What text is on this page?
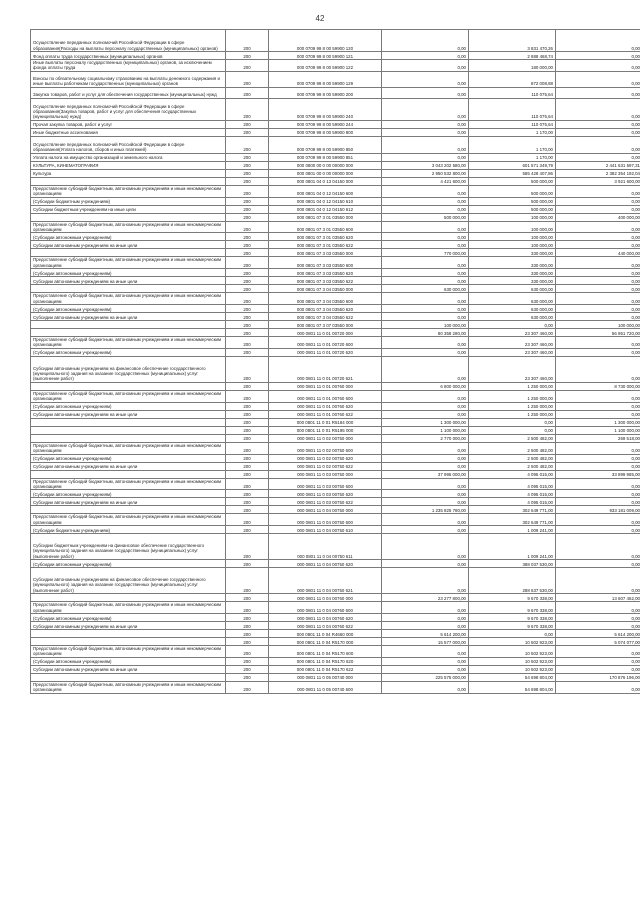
42
Осуществление переданных полномочий Российской Федерации в сфере образования(Расходы на выплаты персоналу государственных (муниципальных) органов)	200	000 0709 99 8 00 59900 120	0,00	3 831 470,26	0,00
Фонд оплаты труда государственных (муниципальных) органов	200	000 0709 99 8 00 59900 121	0,00	2 888 468,74	0,00
Иные выплаты персоналу государственных (муниципальных) органов, за исключением фонда оплаты труда	200	000 0709 99 8 00 59900 122	0,00	180 000,00	0,00
Взносы по обязательному социальному страхованию на выплаты денежного содержания и иные выплаты работникам государственных (муниципальных) органов	200	000 0709 99 8 00 59900 129	0,00	872 008,88	0,00
Закупка товаров, работ и услуг для обеспечения государственных (муниципальных) нужд	200	000 0709 99 8 00 59900 200	0,00	110 075,64	0,00
Осуществление переданных полномочий Российской Федерации в сфере образования(Закупка товаров, работ и услуг для обеспечения государственных (муниципальных) нужд)	200	000 0709 99 8 00 59900 240	0,00	110 075,64	0,00
Прочая закупка товаров, работ и услуг	200	000 0709 99 8 00 59900 244	0,00	110 075,64	0,00
Иные бюджетные ассигнования	200	000 0709 99 8 00 59900 800	0,00	1 170,00	0,00
Осуществление переданных полномочий Российской Федерации в сфере образования(Уплата налогов, сборов и иных платежей)	200	000 0709 99 8 00 59900 850	0,00	1 170,00	0,00
Уплата налога на имущество организаций и земельного налога	200	000 0709 99 8 00 59900 851	0,00	1 170,00	0,00
КУЛЬТУРА, КИНЕМАТОГРАФИЯ	200	000 0800 00 0 00 00000 000	3 043 202 580,00	601 571 349,79	2 441 631 597,31
Культура	200	000 0801 00 0 00 00000 000	2 950 532 800,00	585 428 407,86	2 382 354 192,04
	200	000 0801 04 0 13 04150 000	4 421 600,00	500 000,00	3 921 600,00
Предоставление субсидий бюджетным, автономным учреждениям и иным некоммерческим организациям	200	000 0801 04 0 12 04150 600	0,00	500 000,00	0,00
(Субсидии бюджетным учреждениям)	200	000 0801 04 0 12 04150 610	0,00	500 000,00	0,00
Субсидии бюджетным учреждениям на иные цели	200	000 0801 04 0 12 04150 612	0,00	500 000,00	0,00
	200	000 0801 07 3 01 03550 000	500 000,00	100 000,00	400 000,00
Предоставление субсидий бюджетным, автономным учреждениям и иным некоммерческим организациям	200	000 0801 07 3 01 03550 600	0,00	100 000,00	0,00
(Субсидии автономным учреждениям)	200	000 0801 07 3 01 03550 620	0,00	100 000,00	0,00
Субсидии автономным учреждениям на иные цели	200	000 0801 07 3 01 03550 622	0,00	100 000,00	0,00
	200	000 0801 07 3 03 03550 000	770 000,00	330 000,00	440 000,00
Предоставление субсидий бюджетным, автономным учреждениям и иным некоммерческим организациям	200	000 0801 07 3 03 03550 600	0,00	330 000,00	0,00
(Субсидии автономным учреждениям)	200	000 0801 07 3 03 03550 620	0,00	330 000,00	0,00
Субсидии автономным учреждениям на иные цели	200	000 0801 07 3 03 03550 622	0,00	330 000,00	0,00
	200	000 0801 07 3 04 03550 000	630 000,00	630 000,00	0,00
Предоставление субсидий бюджетным, автономным учреждениям и иным некоммерческим организациям	200	000 0801 07 3 04 03550 600	0,00	630 000,00	0,00
(Субсидии автономным учреждениям)	200	000 0801 07 3 04 03550 620	0,00	630 000,00	0,00
Субсидии автономным учреждениям на иные цели	200	000 0801 07 3 04 03550 622	0,00	630 000,00	0,00
	200	000 0801 07 3 07 03550 000	100 000,00	0,00	100 000,00
	200	000 0801 11 0 01 00720 000	80 358 280,00	23 307 460,00	56 951 720,00
Предоставление субсидий бюджетным, автономным учреждениям и иным некоммерческим организациям	200	000 0801 11 0 01 00720 600	0,00	23 307 460,00	0,00
(Субсидии автономным учреждениям)	200	000 0801 11 0 01 00720 620	0,00	23 307 460,00	0,00
Субсидии автономным учреждениям на финансовое обеспечение государственного (муниципального) задания на оказание государственных (муниципальных) услуг (выполнение работ)	200	000 0801 11 0 01 00720 621	0,00	23 307 460,00	0,00
	200	000 0801 11 0 01 00760 000	6 800 000,00	1 250 000,00	8 730 000,00
Предоставление субсидий бюджетным, автономным учреждениям и иным некоммерческим организациям	200	000 0801 11 0 01 00760 600	0,00	1 250 000,00	0,00
(Субсидии автономным учреждениям)	200	000 0801 11 0 01 00760 620	0,00	1 250 000,00	0,00
Субсидии автономным учреждениям на иные цели	200	000 0801 11 0 01 00760 622	0,00	1 250 000,00	0,00
	200	000 0801 11 0 01 R5184 000	1 300 000,00	0,00	1 300 000,00
	200	000 0801 11 0 01 R5195 000	1 100 000,00	0,00	1 100 000,00
	200	000 0801 11 0 02 00750 000	2 770 000,00	2 500 482,00	269 518,00
Предоставление субсидий бюджетным, автономным учреждениям и иным некоммерческим организациям	200	000 0801 11 0 02 00750 600	0,00	2 500 482,00	0,00
(Субсидии автономным учреждениям)	200	000 0801 11 0 02 00750 620	0,00	2 500 482,00	0,00
Субсидии автономным учреждениям на иные цели	200	000 0801 11 0 02 00750 622	0,00	2 500 482,00	0,00
	200	000 0801 11 0 03 00750 000	37 995 000,00	4 095 015,00	33 899 985,00
Предоставление субсидий бюджетным, автономным учреждениям и иным некоммерческим организациям	200	000 0801 11 0 03 00750 600	0,00	4 095 015,00	0,00
(Субсидии автономным учреждениям)	200	000 0801 11 0 03 00750 620	0,00	4 095 015,00	0,00
Субсидии автономным учреждениям на иные цели	200	000 0801 11 0 03 00750 622	0,00	4 095 015,00	0,00
	200	000 0801 11 0 04 00750 000	1 235 825 780,00	302 649 771,00	933 181 009,00
Предоставление субсидий бюджетным, автономным учреждениям и иным некоммерческим организациям	200	000 0801 11 0 04 00750 600	0,00	302 649 771,00	0,00
(Субсидии бюджетным учреждениям)	200	000 0801 11 0 04 00750 610	0,00	1 009 241,00	0,00
Субсидии бюджетным учреждениям на финансовое обеспечение государственного (муниципального) задания на оказание государственных (муниципальных) услуг (выполнение работ)	200	000 0801 11 0 04 00750 611	0,00	1 009 241,00	0,00
(Субсидии автономным учреждениям)	200	000 0801 11 0 04 00750 620	0,00	388 037 530,00	0,00
Субсидии автономным учреждениям на финансовое обеспечение государственного (муниципального) задания на оказание государственных (муниципальных) услуг (выполнение работ)	200	000 0801 11 0 04 00750 621	0,00	288 637 530,00	0,00
	200	000 0801 11 0 04 00760 000	23 277 800,00	9 670 338,00	13 607 462,00
Предоставление субсидий бюджетным, автономным учреждениям и иным некоммерческим организациям	200	000 0801 11 0 04 00760 600	0,00	9 670 338,00	0,00
(Субсидии автономным учреждениям)	200	000 0801 11 0 04 00760 620	0,00	9 670 338,00	0,00
Субсидии автономным учреждениям на иные цели	200	000 0801 11 0 04 00760 622	0,00	9 670 338,00	0,00
	200	000 0801 11 0 04 R4660 000	5 614 200,00	0,00	5 614 200,00
	200	000 0801 11 0 04 R5170 000	15 577 000,00	10 502 923,00	5 074 077,00
Предоставление субсидий бюджетным, автономным учреждениям и иным некоммерческим организациям	200	000 0801 11 0 04 R5170 600	0,00	10 502 923,00	0,00
(Субсидии автономным учреждениям)	200	000 0801 11 0 04 R5170 620	0,00	10 502 923,00	0,00
Субсидии автономным учреждениям на иные цели	200	000 0801 11 0 04 R5170 622	0,00	10 502 923,00	0,00
	200	000 0801 11 0 05 00740 000	225 575 000,00	54 698 804,00	170 876 196,00
Предоставление субсидий бюджетным, автономным учреждениям и иным некоммерческим организациям	200	000 0801 11 0 05 00740 600	0,00	54 698 804,00	0,00
